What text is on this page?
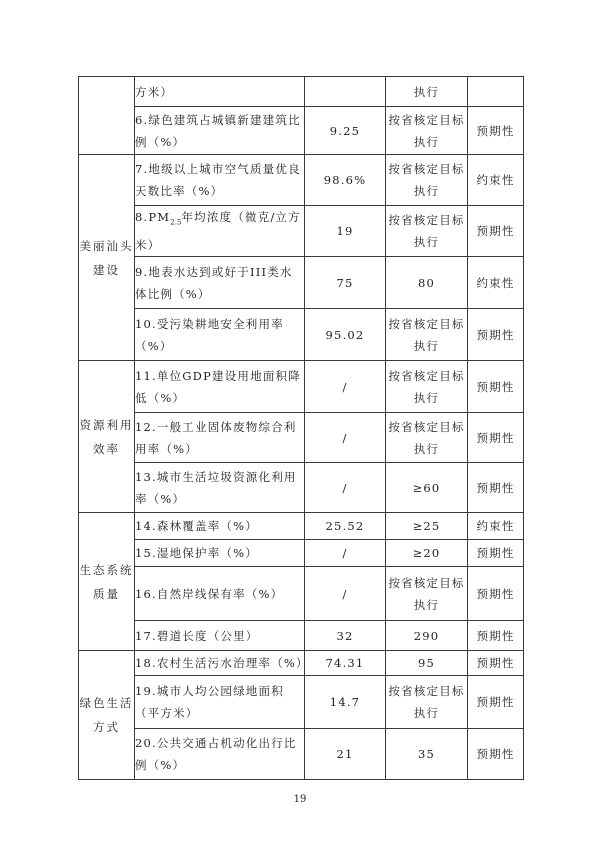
	方米）		执行	
	6.绿色建筑占城镇新建建筑比例（%）	9.25	按省核定目标执行	预期性
美丽汕头建设	7.地级以上城市空气质量优良天数比率（%）	98.6%	按省核定目标执行	约束性
	$8.PM_{2.5}$年均浓度（微克/立方米）	19	按省核定目标执行	预期性
	9.地表水达到或好于III类水体比例（%）	75	80	约束性
	10.受污染耕地安全利用率（%）	95.02	按省核定目标执行	预期性
资源利用效率	11.单位GDP建设用地面积降低（%）	/	按省核定目标执行	预期性
	12.一般工业固体废物综合利用率（%）	/	按省核定目标执行	预期性
	13.城市生活垃圾资源化利用率（%）	/	≥60	预期性
生态系统质量	14.森林覆盖率（%）	25.52	≥25	约束性
	15.湿地保护率（%）	/	≥20	预期性
	16.自然岸线保有率（%）	/	按省核定目标执行	预期性
	17.碧道长度（公里）	32	290	预期性
绿色生活方式	18.农村生活污水治理率（%）	74.31	95	预期性
	19.城市人均公园绿地面积（平方米）	14.7	按省核定目标执行	预期性
	20.公共交通占机动化出行比例（%）	21	35	预期性
19
